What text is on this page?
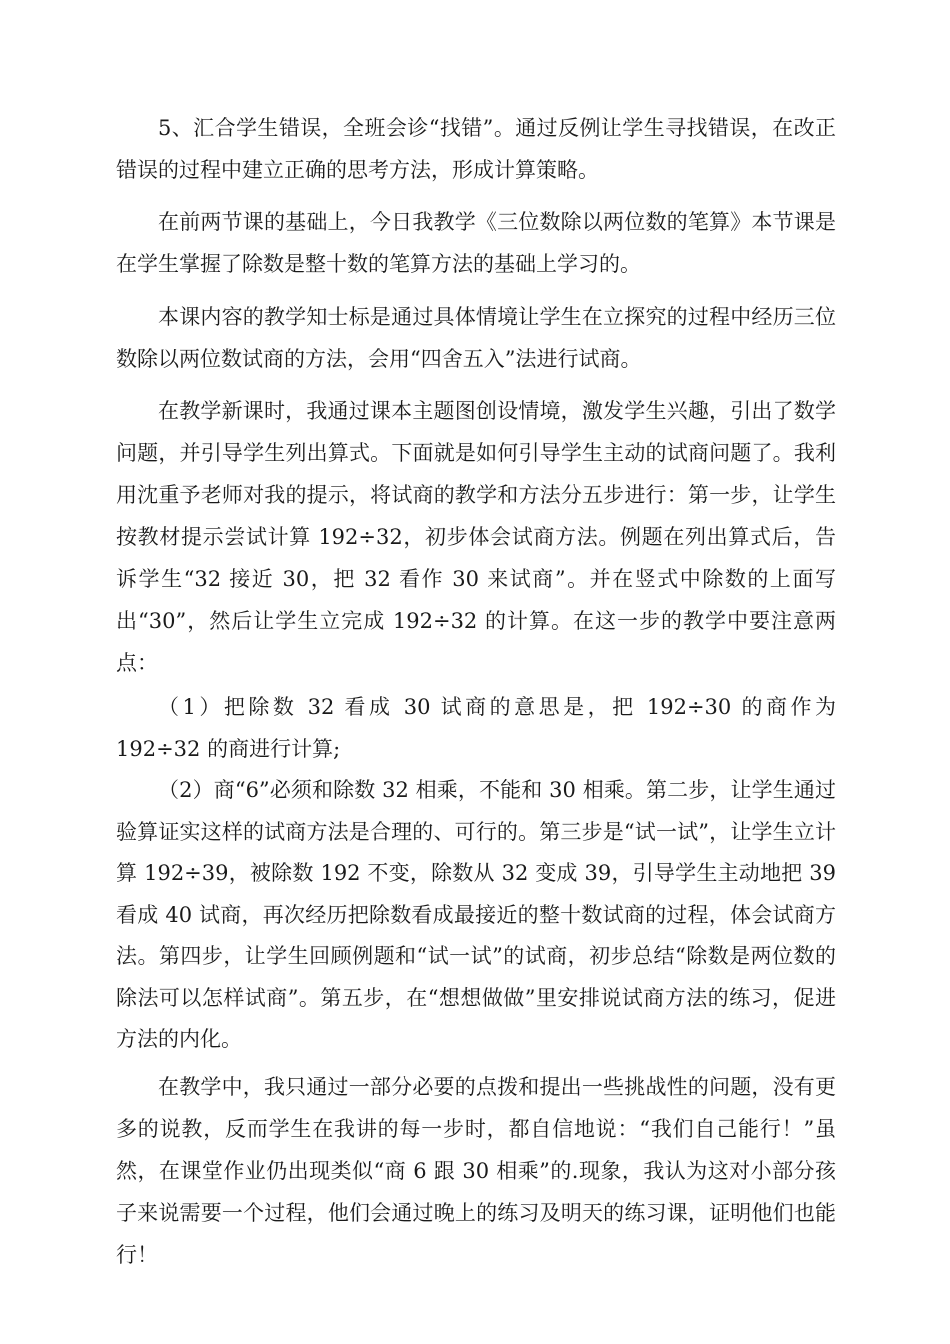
5、汇合学生错误，全班会诊“找错”。通过反例让学生寻找错误，在改正错误的过程中建立正确的思考方法，形成计算策略。

在前两节课的基础上，今日我教学《三位数除以两位数的笔算》本节课是在学生掌握了除数是整十数的笔算方法的基础上学习的。

本课内容的教学知士标是通过具体情境让学生在立探究的过程中经历三位数除以两位数试商的方法，会用“四舍五入”法进行试商。

在教学新课时，我通过课本主题图创设情境，激发学生兴趣，引出了数学问题，并引导学生列出算式。下面就是如何引导学生主动的试商问题了。我利用沈重予老师对我的提示，将试商的教学和方法分五步进行：第一步，让学生按教材提示尝试计算 192÷32，初步体会试商方法。例题在列出算式后，告诉学生“32 接近 30，把 32 看作 30 来试商”。并在竖式中除数的上面写出“30”，然后让学生立完成 192÷32 的计算。在这一步的教学中要注意两点：

（1）把除数 32 看成 30 试商的意思是，把 192÷30 的商作为 192÷32 的商进行计算;

（2）商“6”必须和除数 32 相乘，不能和 30 相乘。第二步，让学生通过验算证实这样的试商方法是合理的、可行的。第三步是“试一试”，让学生立计算 192÷39，被除数 192 不变，除数从 32 变成 39，引导学生主动地把 39 看成 40 试商，再次经历把除数看成最接近的整十数试商的过程，体会试商方法。第四步，让学生回顾例题和“试一试”的试商，初步总结“除数是两位数的除法可以怎样试商”。第五步，在“想想做做”里安排说试商方法的练习，促进方法的内化。

在教学中，我只通过一部分必要的点拨和提出一些挑战性的问题，没有更多的说教，反而学生在我讲的每一步时，都自信地说：“我们自己能行！”虽然，在课堂作业仍出现类似“商 6 跟 30 相乘”的.现象，我认为这对小部分孩子来说需要一个过程，他们会通过晚上的练习及明天的练习课，证明他们也能行！
